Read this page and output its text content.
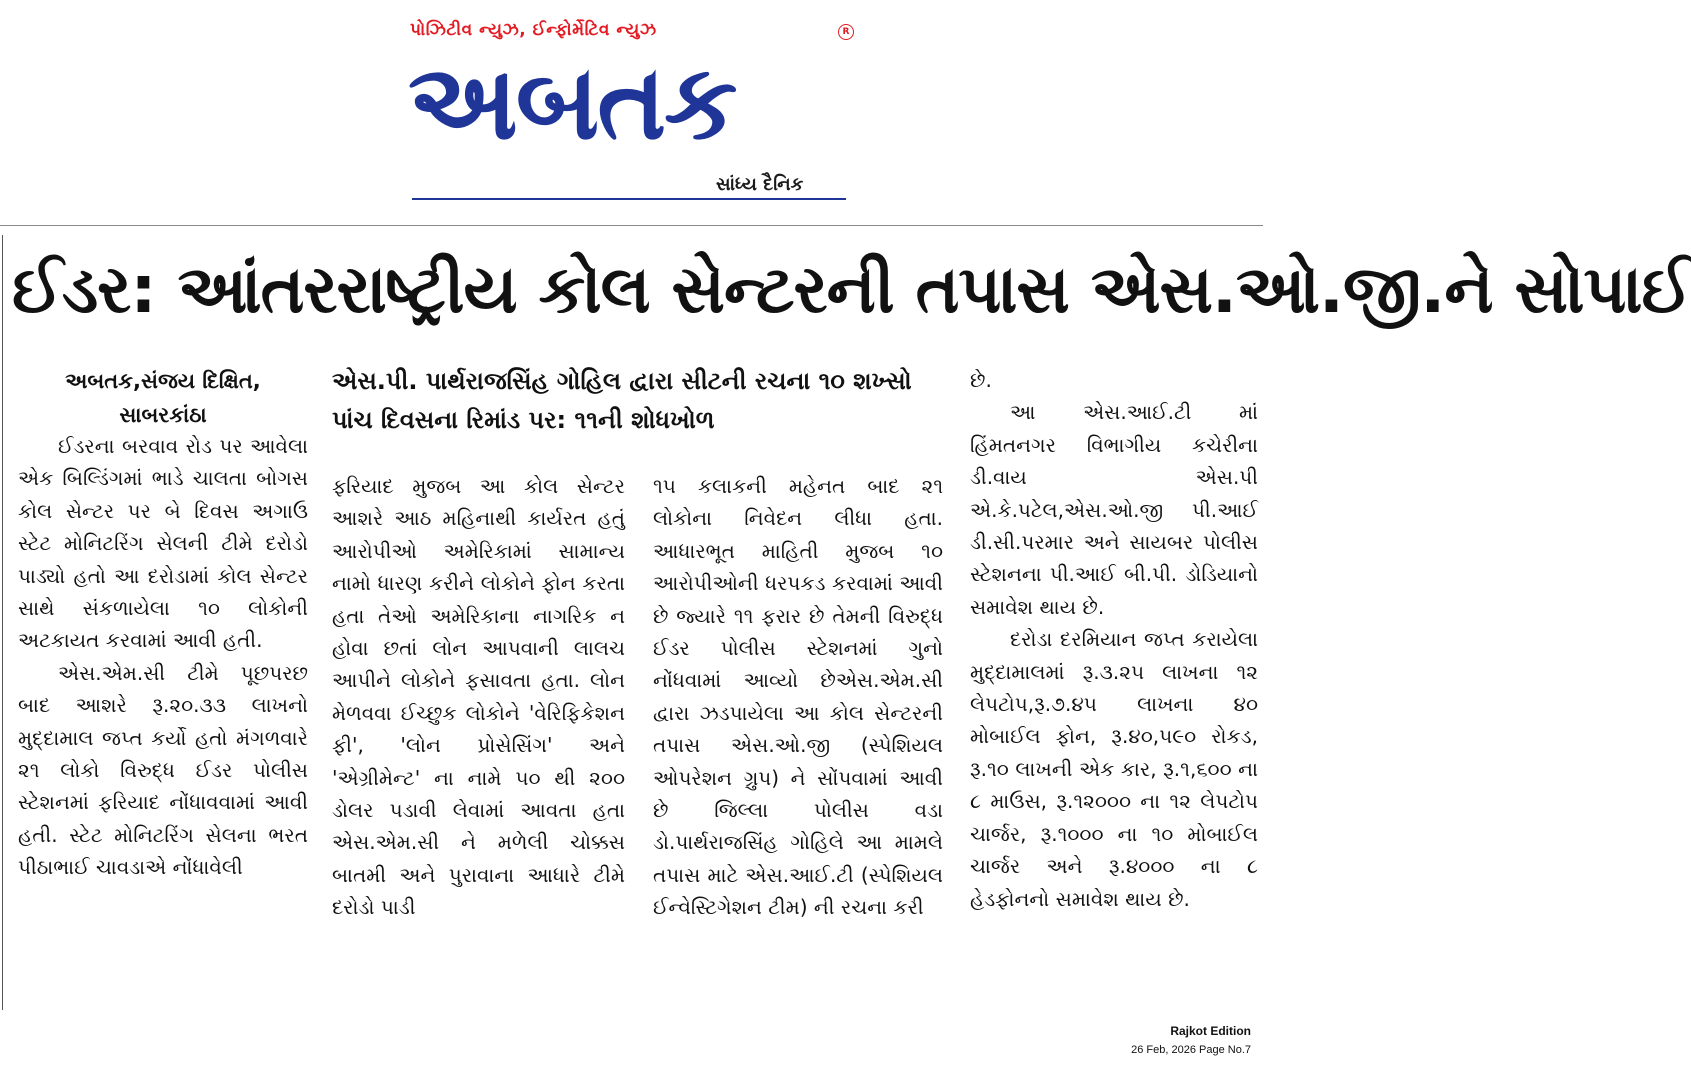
પોઝિટીવ ન્યુઝ, ઈન્ફોર્મેટિવ ન્યુઝ	R
અબતક
સાંધ્ય દૈનિક
ઈડર: આંતરરાષ્ટ્રીય કોલ સેન્ટરની તપાસ એસ.ઓ.જી.ને સોપાઈ
અબતક,સંજય દિક્ષિત, સાબરકાંઠા
એસ.પી. પાર્થરાજસિંહ ગોહિલ દ્વારા સીટની રચના ૧૦ શખ્સો પાંચ દિવસના રિમાંડ પર: ૧૧ની શોધખોળ

ઈડરના બરવાવ રોડ પર આવેલા એક બિલ્ડિંગમાં ભાડે ચાલતા બોગસ કોલ સેન્ટર પર બે દિવસ અગાઉ સ્ટેટ મોનિટરિંગ સેલની ટીમે દરોડો પાડ્યો હતો આ દરોડામાં કોલ સેન્ટર સાથે સંકળાયેલા ૧૦ લોકોની અટકાયત કરવામાં આવી હતી.

એસ.એમ.સી ટીમે પૂછપરછ બાદ આશરે રૂ.૨૦.૩૩ લાખનો મુદ્દામાલ જપ્ત કર્યો હતો મંગળવારે ૨૧ લોકો વિરુદ્ધ ઈડર પોલીસ સ્ટેશનમાં ફરિયાદ નોંધાવવામાં આવી હતી. સ્ટેટ મોનિટરિંગ સેલના ભરત પીઠાભાઈ ચાવડાએ નોંધાવેલી

ફરિયાદ મુજબ આ કોલ સેન્ટર આશરે આઠ મહિનાથી કાર્યરત હતું આરોપીઓ અમેરિકામાં સામાન્ય નામો ધારણ કરીને લોકોને ફોન કરતા હતા તેઓ અમેરિકાના નાગરિક ન હોવા છતાં લોન આપવાની લાલચ આપીને લોકોને ફસાવતા હતા. લોન મેળવવા ઈચ્છુક લોકોને 'વેરિફિકેશન ફી', 'લોન પ્રોસેસિંગ' અને 'એગ્રીમેન્ટ' ના નામે ૫૦ થી ૨૦૦ ડોલર પડાવી લેવામાં આવતા હતા એસ.એમ.સી ને મળેલી ચોક્કસ બાતમી અને પુરાવાના આધારે ટીમે દરોડો પાડી

૧૫ કલાકની મહેનત બાદ ૨૧ લોકોના નિવેદન લીધા હતા. આધારભૂત માહિતી મુજબ ૧૦ આરોપીઓની ધરપકડ કરવામાં આવી છે જ્યારે ૧૧ ફરાર છે તેમની વિરુદ્ધ ઈડર પોલીસ સ્ટેશનમાં ગુનો નોંધવામાં આવ્યો છેએસ.એમ.સી દ્વારા ઝડપાયેલા આ કોલ સેન્ટરની તપાસ એસ.ઓ.જી (સ્પેશિયલ ઓપરેશન ગ્રુપ) ને સોંપવામાં આવી છે જિલ્લા પોલીસ વડા ડો.પાર્થરાજસિંહ ગોહિલે આ મામલે તપાસ માટે એસ.આઈ.ટી (સ્પેશિયલ ઈન્વેસ્ટિગેશન ટીમ) ની રચના કરી

છે.

આ એસ.આઈ.ટી માં હિંમતનગર વિભાગીય કચેરીના ડી.વાય એસ.પી એ.કે.પટેલ,એસ.ઓ.જી પી.આઈ ડી.સી.પરમાર અને સાયબર પોલીસ સ્ટેશનના પી.આઈ બી.પી. ડોડિયાનો સમાવેશ થાય છે.

દરોડા દરમિયાન જપ્ત કરાયેલા મુદ્દામાલમાં રૂ.૩.૨૫ લાખના ૧૨ લેપટોપ,રૂ.૭.૪૫ લાખના ૪૦ મોબાઈલ ફોન, રૂ.૪૦,૫૯૦ રોકડ, રૂ.૧૦ લાખની એક કાર, રૂ.૧,૬૦૦ ના ૮ માઉસ, રૂ.૧૨૦૦૦ ના ૧૨ લેપટોપ ચાર્જર, રૂ.૧૦૦૦ ના ૧૦ મોબાઈલ ચાર્જર અને રૂ.૪૦૦૦ ના ૮ હેડફોનનો સમાવેશ થાય છે.

Rajkot Edition
26 Feb, 2026 Page No.7
